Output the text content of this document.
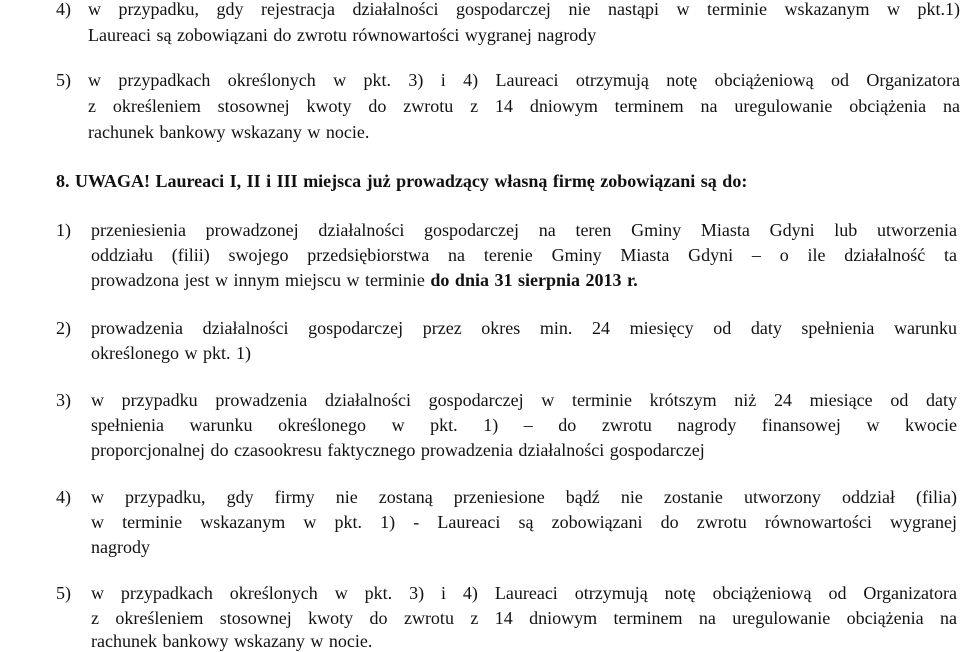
4) w przypadku, gdy rejestracja działalności gospodarczej nie nastąpi w terminie wskazanym w pkt.1)
Laureaci są zobowiązani do zwrotu równowartości wygranej nagrody
5) w przypadkach określonych w pkt. 3) i 4) Laureaci otrzymują notę obciążeniową od Organizatora
z określeniem stosownej kwoty do zwrotu z 14 dniowym terminem na uregulowanie obciążenia na
rachunek bankowy wskazany w nocie.
8. UWAGA! Laureaci I, II i III miejsca już prowadzący własną firmę zobowiązani są do:
1) przeniesienia prowadzonej działalności gospodarczej na teren Gminy Miasta Gdyni lub utworzenia
oddziału (filii) swojego przedsiębiorstwa na terenie Gminy Miasta Gdyni – o ile działalność ta
prowadzona jest w innym miejscu w terminie do dnia 31 sierpnia 2013 r.
2) prowadzenia działalności gospodarczej przez okres min. 24 miesięcy od daty spełnienia warunku
określonego w pkt. 1)
3) w przypadku prowadzenia działalności gospodarczej w terminie krótszym niż 24 miesiące od daty
spełnienia warunku określonego w pkt. 1) – do zwrotu nagrody finansowej w kwocie
proporcjonalnej do czasookresu faktycznego prowadzenia działalności gospodarczej
4) w przypadku, gdy firmy nie zostaną przeniesione bądź nie zostanie utworzony oddział (filia)
w terminie wskazanym w pkt. 1) - Laureaci są zobowiązani do zwrotu równowartości wygranej
nagrody
5) w przypadkach określonych w pkt. 3) i 4) Laureaci otrzymują notę obciążeniową od Organizatora
z określeniem stosownej kwoty do zwrotu z 14 dniowym terminem na uregulowanie obciążenia na
rachunek bankowy wskazany w nocie.
